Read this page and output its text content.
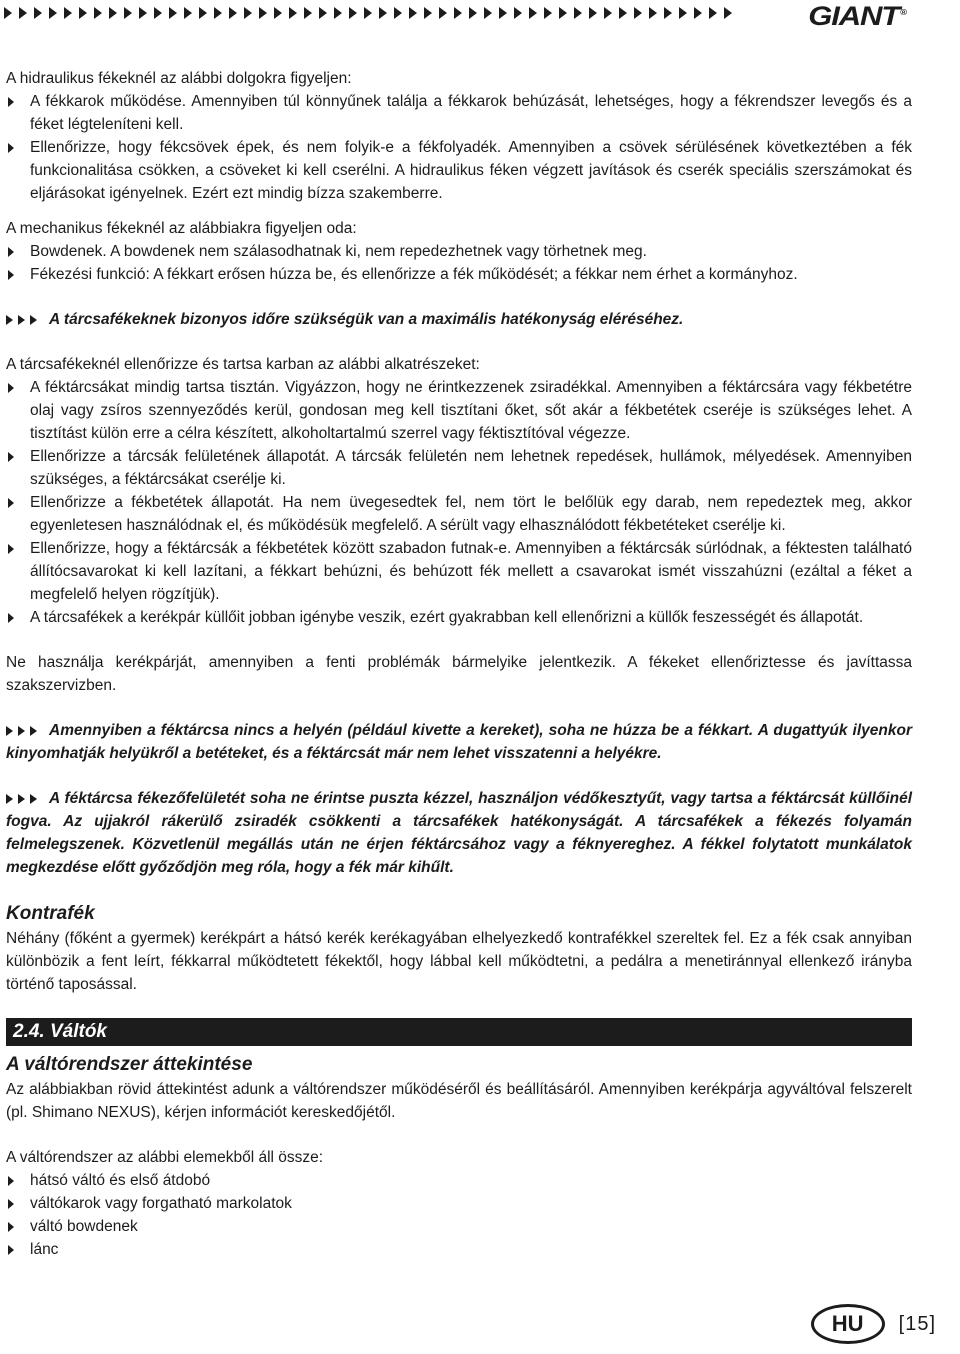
GIANT®

A hidraulikus fékeknél az alábbi dolgokra figyeljen:

A fékkarok működése. Amennyiben túl könnyűnek találja a fékkarok behúzását, lehetséges, hogy a fékrendszer levegős és a féket légteleníteni kell.
Ellenőrizze, hogy fékcsövek épek, és nem folyik-e a fékfolyadék. Amennyiben a csövek sérülésének következtében a fék funkcionalitása csökken, a csöveket ki kell cserélni. A hidraulikus féken végzett javítások és cserék speciális szerszámokat és eljárásokat igényelnek. Ezért ezt mindig bízza szakemberre.

A mechanikus fékeknél az alábbiakra figyeljen oda:

Bowdenek. A bowdenek nem szálasodhatnak ki, nem repedezhetnek vagy törhetnek meg.
Fékezési funkció: A fékkart erősen húzza be, és ellenőrizze a fék működését; a fékkar nem érhet a kormányhoz.

A tárcsafékeknek bizonyos időre szükségük van a maximális hatékonyság eléréséhez.

A tárcsafékeknél ellenőrizze és tartsa karban az alábbi alkatrészeket:

A féktárcsákat mindig tartsa tisztán. Vigyázzon, hogy ne érintkezzenek zsiradékkal. Amennyiben a féktárcsára vagy fékbetétre olaj vagy zsíros szennyeződés kerül, gondosan meg kell tisztítani őket, sőt akár a fékbetétek cseréje is szükséges lehet. A tisztítást külön erre a célra készített, alkoholtartalmú szerrel vagy féktisztítóval végezze.
Ellenőrizze a tárcsák felületének állapotát. A tárcsák felületén nem lehetnek repedések, hullámok, mélyedések. Amennyiben szükséges, a féktárcsákat cserélje ki.
Ellenőrizze a fékbetétek állapotát. Ha nem üvegesedtek fel, nem tört le belőlük egy darab, nem repedeztek meg, akkor egyenletesen használódnak el, és működésük megfelelő. A sérült vagy elhasználódott fékbetéteket cserélje ki.
Ellenőrizze, hogy a féktárcsák a fékbetétek között szabadon futnak-e. Amennyiben a féktárcsák súrlódnak, a féktesten található állítócsavarokat ki kell lazítani, a fékkart behúzni, és behúzott fék mellett a csavarokat ismét visszahúzni (ezáltal a féket a megfelelő helyen rögzítjük).
A tárcsafékek a kerékpár küllőit jobban igénybe veszik, ezért gyakrabban kell ellenőrizni a küllők feszességét és állapotát.

Ne használja kerékpárját, amennyiben a fenti problémák bármelyike jelentkezik. A fékeket ellenőriztesse és javíttassa szakszervizben.

Amennyiben a féktárcsa nincs a helyén (például kivette a kereket), soha ne húzza be a fékkart. A dugattyúk ilyenkor kinyomhatják helyükről a betéteket, és a féktárcsát már nem lehet visszatenni a helyékre.

A féktárcsa fékezőfelületét soha ne érintse puszta kézzel, használjon védőkesztyűt, vagy tartsa a féktárcsát küllőinél fogva. Az ujjakról rákerülő zsiradék csökkenti a tárcsafékek hatékonyságát. A tárcsafékek a fékezés folyamán felmelegszenek. Közvetlenül megállás után ne érjen féktárcsához vagy a féknyereghez. A fékkel folytatott munkálatok megkezdése előtt győződjön meg róla, hogy a fék már kihűlt.

Kontrafék

Néhány (főként a gyermek) kerékpárt a hátsó kerék kerékagyában elhelyezkedő kontrafékkel szereltek fel. Ez a fék csak annyiban különbözik a fent leírt, fékkarral működtetett fékektől, hogy lábbal kell működtetni, a pedálra a menetiránnyal ellenkező irányba történő taposással.

2.4. Váltók

A váltórendszer áttekintése

Az alábbiakban rövid áttekintést adunk a váltórendszer működéséről és beállításáról. Amennyiben kerékpárja agyváltóval felszerelt (pl. Shimano NEXUS), kérjen információt kereskedőjétől.

A váltórendszer az alábbi elemekből áll össze:

hátsó váltó és első átdobó
váltókarok vagy forgatható markolatok
váltó bowdenek
lánc
HU	[15]
